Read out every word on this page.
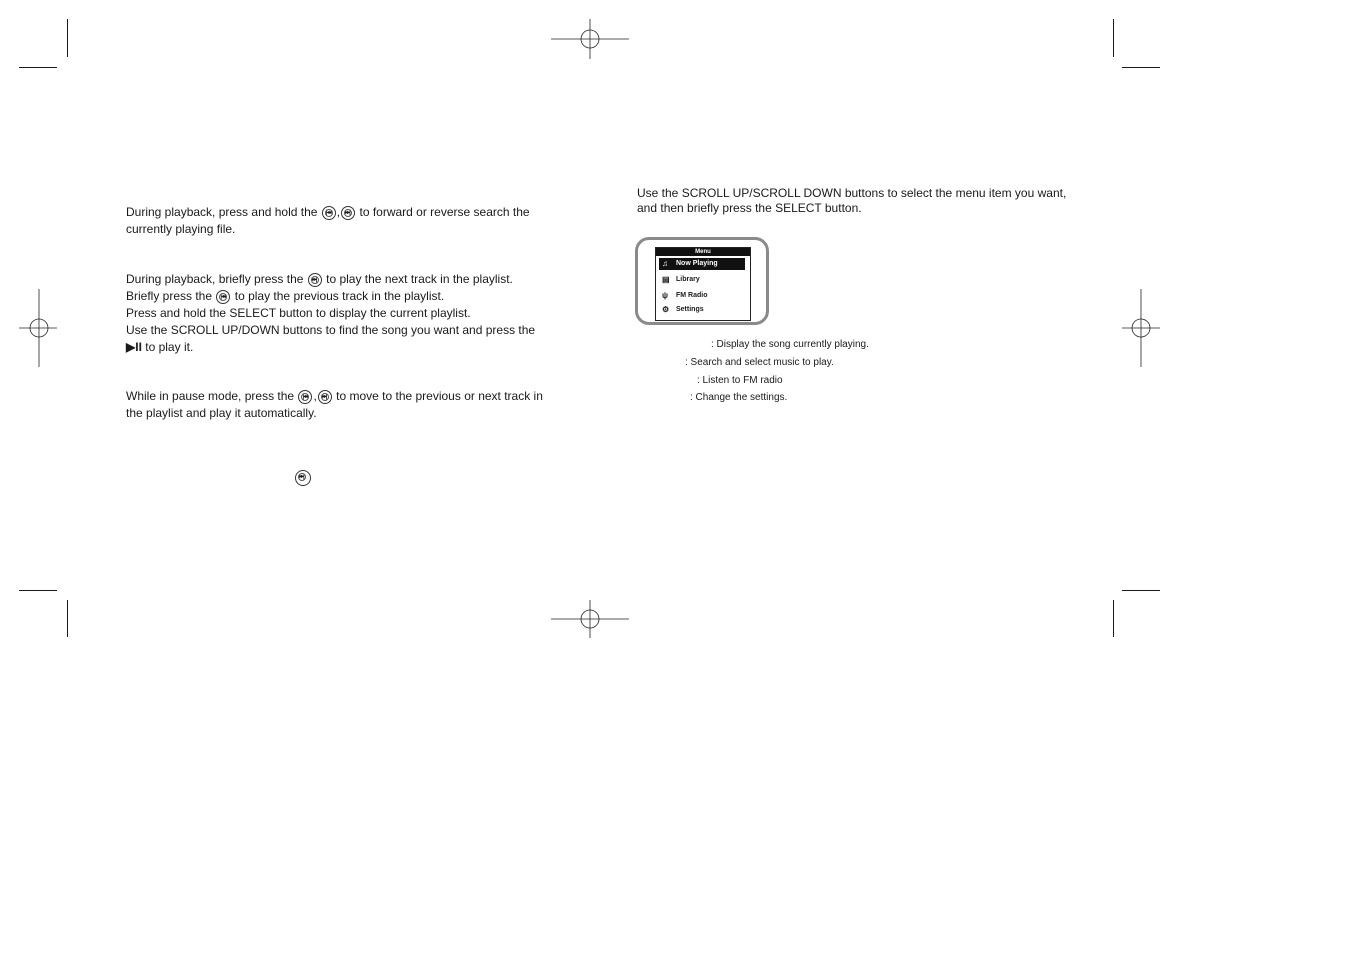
During playback, press and hold the |◂◂ , ▸▸| to forward or reverse search the
currently playing file.
During playback, briefly press the ▸▸| to play the next track in the playlist.
Briefly press the |◂◂ to play the previous track in the playlist.
Press and hold the SELECT button to display the current playlist.
Use the SCROLL UP/DOWN buttons to find the song you want and press the
▶II to play it.
While in pause mode, press the |◂◂ , ▸▸| to move to the previous or next track in
the playlist and play it automatically.
▸▸|
Use the SCROLL UP/SCROLL DOWN buttons to select the menu item you want,
and then briefly press the SELECT button.
Menu
♫	Now Playing
▤ Library
ψ	FM Radio
⚙ Settings
: Display the song currently playing.
: Search and select music to play.
: Listen to FM radio
: Change the settings.
